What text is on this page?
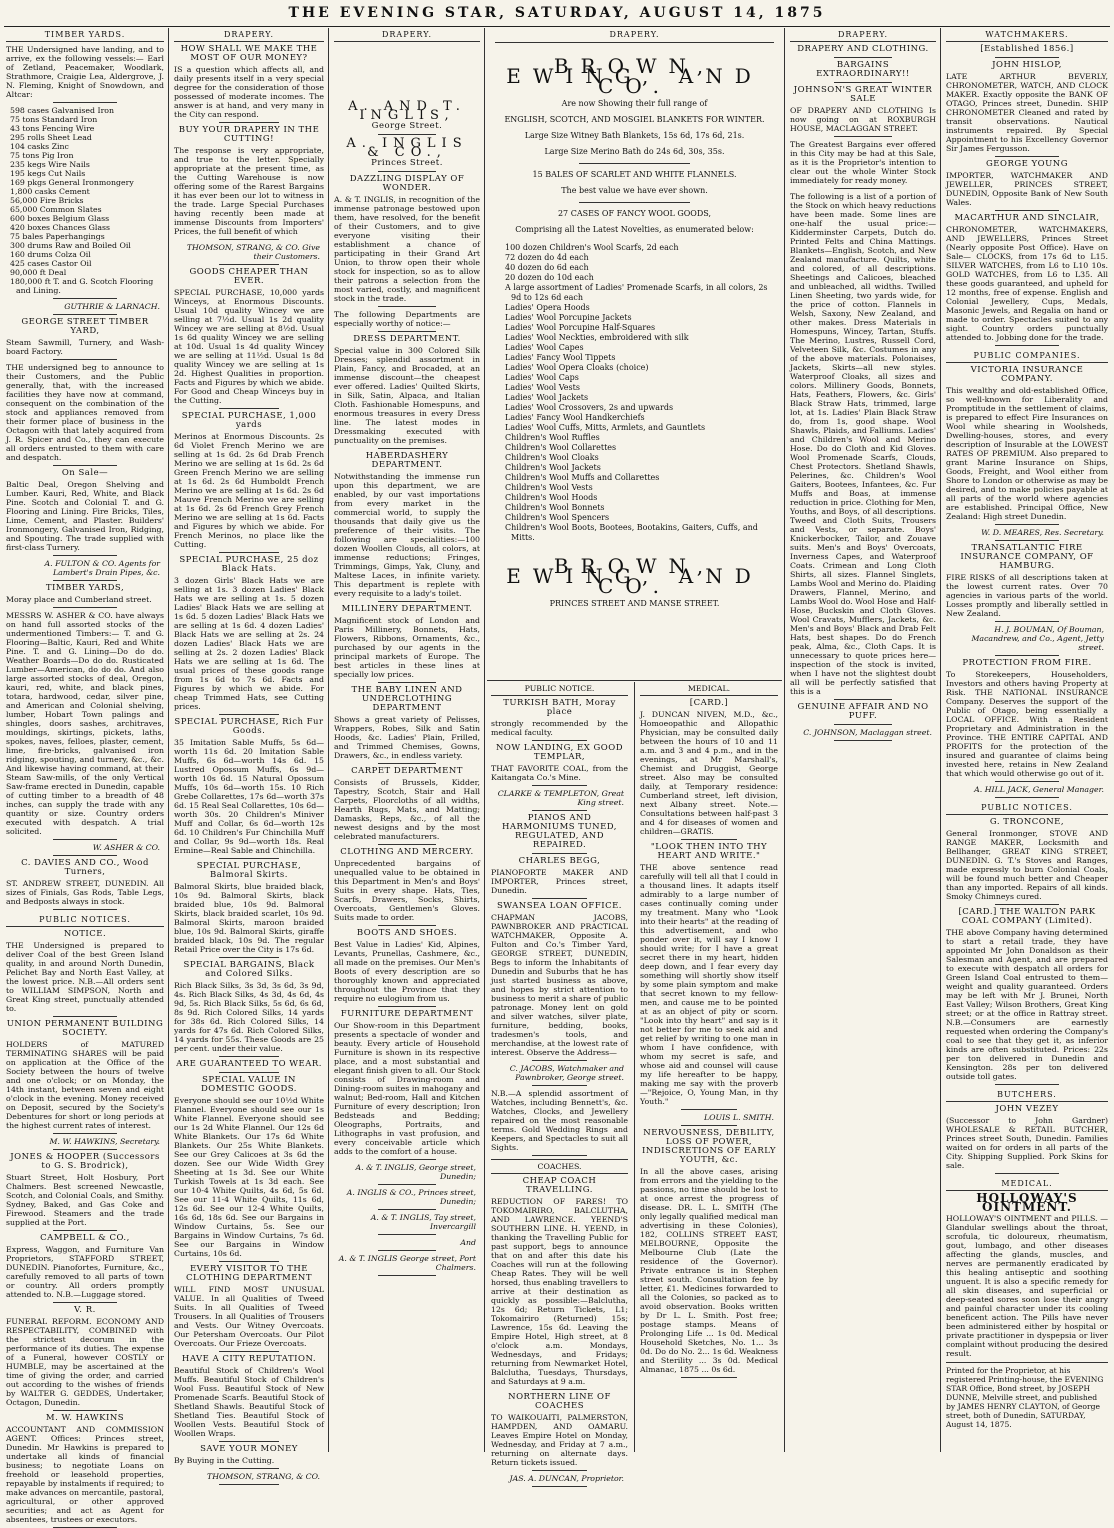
THE EVENING STAR, SATURDAY, AUGUST 14, 1875
TIMBER YARDS.

THE Undersigned have landing, and to arrive, ex the following vessels:— Earl of Zetland, Peacemaker, Woodlark, Strathmore, Craigie Lea, Aldergrove, J. N. Fleming, Knight of Snowdown, and Altcar:

598 cases Galvanised Iron
75 tons Standard Iron
43 tons Fencing Wire
295 rolls Sheet Lead
104 casks Zinc
75 tons Pig Iron
235 kegs Wire Nails
195 kegs Cut Nails
169 pkgs General Ironmongery
1,800 casks Cement
56,000 Fire Bricks
65,000 Common Slates
600 boxes Belgium Glass
420 boxes Chances Glass
75 bales Paperhangings
300 drums Raw and Boiled Oil
160 drums Colza Oil
425 cases Castor Oil
90,000 ft Deal
180,000 ft T. and G. Scotch Flooring and Lining.
GUTHRIE & LARNACH.
GEORGE STREET TIMBER YARD,

Steam Sawmill, Turnery, and Wash-board Factory.

THE undersigned beg to announce to their Customers, and the Public generally, that, with the increased facilities they have now at command, consequent on the combination of the stock and appliances removed from their former place of business in the Octagon with that lately acquired from J. R. Spicer and Co., they can execute all orders entrusted to them with care and despatch.

On Sale—

Baltic Deal, Oregon Shelving and Lumber. Kauri, Red, White, and Black Pine. Scotch and Colonial T. and G. Flooring and Lining. Fire Bricks, Tiles, Lime, Cement, and Plaster. Builders' Ironmongery, Galvanised Iron, Ridging, and Spouting. The trade supplied with first-class Turnery.

A. FULTON & CO. Agents for Lambert's Drain Pipes, &c.
TIMBER YARDS,

Moray place and Cumberland street.

MESSRS W. ASHER & CO. have always on hand full assorted stocks of the undermentioned Timbers:— T. and G. Flooring—Baltic, Kauri, Red and White Pine. T. and G. Lining—Do do do. Weather Boards—Do do do. Rusticated Lumber—American, do do do. And also large assorted stocks of deal, Oregon, kauri, red, white, and black pines, totara, hardwood, cedar, silver pine, and American and Colonial shelving, lumber, Hobart Town palings and shingles, doors sashes, architraves, mouldings, skirtings, pickets, laths, spokes, naves, felloes, plaster, cement, lime, fire-bricks, galvanised iron ridging, spouting, and turnery, &c., &c. And likewise having command, at their Steam Saw-mills, of the only Vertical Saw-frame erected in Dunedin, capable of cutting timber to a breadth of 48 inches, can supply the trade with any quantity or size. Country orders executed with despatch. A trial solicited.

W. ASHER & CO.
C. DAVIES AND CO., Wood Turners,

ST. ANDREW STREET, DUNEDIN. All sizes of Finials, Gas Rods, Table Legs, and Bedposts always in stock.

PUBLIC NOTICES.
NOTICE.

THE Undersigned is prepared to deliver Coal of the best Green Island quality, in and around North Dunedin, Pelichet Bay and North East Valley, at the lowest price. N.B.—All orders sent to WILLIAM SIMPSON, North and Great King street, punctually attended to.

UNION PERMANENT BUILDING SOCIETY.

HOLDERS of MATURED TERMINATING SHARES will be paid on application at the Office of the Society between the hours of twelve and one o'clock; or on Monday, the 14th instant, between seven and eight o'clock in the evening. Money received on Deposit, secured by the Society's Debentures for short or long periods at the highest current rates of interest.

M. W. HAWKINS, Secretary.
JONES & HOOPER (Successors to G. S. Brodrick),

Stuart Street, Holt Hosbury, Port Chalmers. Best screened Newcastle, Scotch, and Colonial Coals, and Smithy. Sydney, Baked, and Gas Coke and Firewood. Steamers and the trade supplied at the Port.

CAMPBELL & CO.,

Express, Waggon, and Furniture Van Proprietors, STAFFORD STREET, DUNEDIN. Pianofortes, Furniture, &c., carefully removed to all parts of town or country. All orders promptly attended to. N.B.—Luggage stored.

V. R.

FUNERAL REFORM. ECONOMY AND RESPECTABILITY, COMBINED with the strictest decorum in the performance of its duties. The expense of a Funeral, however COSTLY or HUMBLE, may be ascertained at the time of giving the order, and carried out according to the wishes of friends by WALTER G. GEDDES, Undertaker, Octagon, Dunedin.

M. W. HAWKINS

ACCOUNTANT AND COMMISSION AGENT. Offices: Princes street, Dunedin. Mr Hawkins is prepared to undertake all kinds of financial business; to negotiate Loans on freehold or leasehold properties, repayable by instalments if required; to make advances on mercantile, pastoral, agricultural, or other approved securities; and act as Agent for absentees, trustees or executors.

DRAPERY.
HOW SHALL WE MAKE THE MOST OF OUR MONEY?

IS a question which affects all, and daily presents itself in a very special degree for the consideration of those possessed of moderate incomes. The answer is at hand, and very many in the City can respond.

BUY YOUR DRAPERY IN THE CUTTING!

The response is very appropriate, and true to the letter. Specially appropriate at the present time, as the Cutting Warehouse is now offering some of the Rarest Bargains it has ever been our lot to witness in the trade. Large Special Purchases having recently been made at immense Discounts from Importers' Prices, the full benefit of which

THOMSON, STRANG, & CO. Give their Customers.
GOODS CHEAPER THAN EVER.

SPECIAL PURCHASE, 10,000 yards Winceys, at Enormous Discounts. Usual 10d quality Wincey we are selling at 7½d. Usual 1s 2d quality Wincey we are selling at 8½d. Usual 1s 6d quality Wincey we are selling at 10d. Usual 1s 4d quality Wincey we are selling at 11½d. Usual 1s 8d quality Wincey we are selling at 1s 2d. Highest Qualities in proportion. Facts and Figures by which we abide. For Good and Cheap Winceys buy in the Cutting.

SPECIAL PURCHASE, 1,000 yards

Merinos at Enormous Discounts. 2s 6d Violet French Merino we are selling at 1s 6d. 2s 6d Drab French Merino we are selling at 1s 6d. 2s 6d Green French Merino we are selling at 1s 6d. 2s 6d Humboldt French Merino we are selling at 1s 6d. 2s 6d Mauve French Merino we are selling at 1s 6d. 2s 6d French Grey French Merino we are selling at 1s 6d. Facts and Figures by which we abide. For French Merinos, no place like the Cutting.

SPECIAL PURCHASE, 25 doz Black Hats.

3 dozen Girls' Black Hats we are selling at 1s. 3 dozen Ladies' Black Hats we are selling at 1s. 5 dozen Ladies' Black Hats we are selling at 1s 6d. 5 dozen Ladies' Black Hats we are selling at 1s 6d. 4 dozen Ladies' Black Hats we are selling at 2s. 24 dozen Ladies' Black Hats we are selling at 2s. 2 dozen Ladies' Black Hats we are selling at 1s 6d. The usual prices of these goods range from 1s 6d to 7s 6d. Facts and Figures by which we abide. For cheap Trimmed Hats, see Cutting prices.

SPECIAL PURCHASE, Rich Fur Goods.

35 Imitation Sable Muffs, 5s 6d—worth 11s 6d. 20 Imitation Sable Muffs, 6s 6d—worth 14s 6d. 15 Lustred Opossum Muffs, 6s 9d—worth 10s 6d. 15 Natural Opossum Muffs, 10s 6d—worth 15s. 10 Rich Grebe Collarettes, 17s 6d—worth 37s 6d. 15 Real Seal Collarettes, 10s 6d—worth 30s. 20 Children's Miniver Muff and Collar, 6s 6d—worth 12s 6d. 10 Children's Fur Chinchilla Muff and Collar, 9s 9d—worth 18s. Real Ermine—Real Sable and Chinchilla.

SPECIAL PURCHASE, Balmoral Skirts.

Balmoral Skirts, blue braided black, 10s 9d. Balmoral Skirts, black braided blue, 10s 9d. Balmoral Skirts, black braided scarlet, 10s 9d. Balmoral Skirts, maroon braided blue, 10s 9d. Balmoral Skirts, giraffe braided black, 10s 9d. The regular Retail Price over the City is 17s 6d.

SPECIAL BARGAINS, Black and Colored Silks.

Rich Black Silks, 3s 3d, 3s 6d, 3s 9d, 4s. Rich Black Silks, 4s 3d, 4s 6d, 4s 9d, 5s. Rich Black Silks, 5s 6d, 6s 6d, 8s 9d. Rich Colored Silks, 14 yards for 38s 6d. Rich Colored Silks, 14 yards for 47s 6d. Rich Colored Silks, 14 yards for 55s. These Goods are 25 per cent. under their value.

ARE GUARANTEED TO WEAR.
SPECIAL VALUE IN DOMESTIC GOODS.

Everyone should see our 10½d White Flannel. Everyone should see our 1s White Flannel. Everyone should see our 1s 2d White Flannel. Our 12s 6d White Blankets. Our 17s 6d White Blankets. Our 25s White Blankets. See our Grey Calicoes at 3s 6d the dozen. See our Wide Width Grey Sheeting at 1s 3d. See our White Turkish Towels at 1s 3d each. See our 10-4 White Quilts, 4s 6d, 5s 6d. See our 11-4 White Quilts, 11s 6d, 12s 6d. See our 12-4 White Quilts, 16s 6d, 18s 6d. See our Bargains in Window Curtains, 5s. See our Bargains in Window Curtains, 7s 6d. See our Bargains in Window Curtains, 10s 6d.

EVERY VISITOR TO THE CLOTHING DEPARTMENT

WILL FIND MOST UNUSUAL VALUE. In all Qualities of Tweed Suits. In all Qualities of Tweed Trousers. In all Qualities of Trousers and Vests. Our Witney Overcoats. Our Petersham Overcoats. Our Pilot Overcoats. Our Frieze Overcoats.

HAVE A CITY REPUTATION.

Beautiful Stock of Children's Wool Muffs. Beautiful Stock of Children's Wool Fuss. Beautiful Stock of New Promenade Scarfs. Beautiful Stock of Shetland Shawls. Beautiful Stock of Shetland Ties. Beautiful Stock of Woollen Vests. Beautiful Stock of Woollen Wraps.

SAVE YOUR MONEY

By Buying in the Cutting.

THOMSON, STRANG, & CO.
DRAPERY.
A. AND T. INGLIS,
George Street.
A. INGLIS & CO.,
Princes Street.
DAZZLING DISPLAY OF WONDER.

A. & T. INGLIS, in recognition of the immense patronage bestowed upon them, have resolved, for the benefit of their Customers, and to give everyone visiting their establishment a chance of participating in their Grand Art Union, to throw open their whole stock for inspection, so as to allow their patrons a selection from the most varied, costly, and magnificent stock in the trade.

The following Departments are especially worthy of notice:—

DRESS DEPARTMENT.

Special value in 300 Colored Silk Dresses; splendid assortment in Plain, Fancy, and Brocaded, at an immense discount—the cheapest ever offered. Ladies' Quilted Skirts, in Silk, Satin, Alpaca, and Italian Cloth. Fashionable Homespuns, and enormous treasures in every Dress line. The latest modes in Dressmaking executed with punctuality on the premises.

HABERDASHERY DEPARTMENT.

Notwithstanding the immense run upon this department, we are enabled, by our vast importations from every market in the commercial world, to supply the thousands that daily give us the preference of their visits. The following are specialities:—100 dozen Woollen Clouds, all colors, at immense reductions; Fringes, Trimmings, Gimps, Yak, Cluny, and Maltese Laces, in infinite variety. This department is replete with every requisite to a lady's toilet.

MILLINERY DEPARTMENT.

Magnificent stock of London and Paris Millinery, Bonnets, Hats, Flowers, Ribbons, Ornaments, &c., purchased by our agents in the principal markets of Europe. The best articles in these lines at specially low prices.

THE BABY LINEN AND UNDERCLOTHING DEPARTMENT

Shows a great variety of Pelisses, Wrappers, Robes, Silk and Satin Hoods, &c. Ladies' Plain, Frilled, and Trimmed Chemises, Gowns, Drawers, &c., in endless variety.

CARPET DEPARTMENT

Consists of Brussels, Kidder, Tapestry, Scotch, Stair and Hall Carpets, Floorcloths of all widths, Hearth Rugs, Mats, and Matting; Damasks, Reps, &c., of all the newest designs and by the most celebrated manufacturers.

CLOTHING AND MERCERY.

Unprecedented bargains of unequalled value to be obtained in this Department in Men's and Boys' Suits in every shape. Hats, Ties, Scarfs, Drawers, Socks, Shirts, Overcoats, Gentlemen's Gloves. Suits made to order.

BOOTS AND SHOES.

Best Value in Ladies' Kid, Alpines, Levants, Prunellas, Cashmere, &c., all made on the premises. Our Men's Boots of every description are so thoroughly known and appreciated throughout the Province that they require no eulogium from us.

FURNITURE DEPARTMENT

Our Show-room in this Department presents a spectacle of wonder and beauty. Every article of Household Furniture is shown in its respective place, and a most substantial and elegant finish given to all. Our Stock consists of Drawing-room and Dining-room suites in mahogany and walnut; Bed-room, Hall and Kitchen Furniture of every description; Iron Bedsteads and Bedding; Oleographs, Portraits, and Lithographs in vast profusion, and every conceivable article which adds to the comfort of a house.

A. & T. INGLIS, George street, Dunedin;
A. INGLIS & CO., Princes street, Dunedin;
A. & T. INGLIS, Tay street, Invercargill
And
A. & T. INGLIS George street, Port Chalmers.
DRAPERY.
BROWN, EWING, AND CO.
Are now Showing their full range of
ENGLISH, SCOTCH, AND MOSGIEL BLANKETS FOR WINTER.
Large Size Witney Bath Blankets, 15s 6d, 17s 6d, 21s.
Large Size Merino Bath do 24s 6d, 30s, 35s.
15 BALES OF SCARLET AND WHITE FLANNELS.
The best value we have ever shown.
27 CASES OF FANCY WOOL GOODS,
Comprising all the Latest Novelties, as enumerated below:
100 dozen Children's Wool Scarfs, 2d each
72 dozen do 4d each
40 dozen do 6d each
20 dozen do 10d each
A large assortment of Ladies' Promenade Scarfs, in all colors, 2s 9d to 12s 6d each
Ladies' Opera Hoods
Ladies' Wool Porcupine Jackets
Ladies' Wool Porcupine Half-Squares
Ladies' Wool Neckties, embroidered with silk
Ladies' Wool Capes
Ladies' Fancy Wool Tippets
Ladies' Wool Opera Cloaks (choice)
Ladies' Wool Caps
Ladies' Wool Vests
Ladies' Wool Jackets
Ladies' Wool Crossovers, 2s and upwards
Ladies' Fancy Wool Handkerchiefs
Ladies' Wool Cuffs, Mitts, Armlets, and Gauntlets
Children's Wool Ruffles
Children's Wool Collarettes
Children's Wool Cloaks
Children's Wool Jackets
Children's Wool Muffs and Collarettes
Children's Wool Vests
Children's Wool Hoods
Children's Wool Bonnets
Children's Wool Spencers
Children's Wool Boots, Bootees, Bootakins, Gaiters, Cuffs, and Mitts.
BROWN, EWING, AND CO.
PRINCES STREET AND MANSE STREET.
PUBLIC NOTICE.
TURKISH BATH, Moray place

strongly recommended by the medical faculty.

NOW LANDING, EX GOOD TEMPLAR,

THAT FAVORITE COAL, from the Kaitangata Co.'s Mine.

CLARKE & TEMPLETON, Great King street.
PIANOS AND HARMONIUMS TUNED, REGULATED, AND REPAIRED.
CHARLES BEGG,

PIANOFORTE MAKER AND IMPORTER, Princes street, Dunedin.

SWANSEA LOAN OFFICE.

CHAPMAN JACOBS, PAWNBROKER AND PRACTICAL WATCHMAKER, Opposite A. Fulton and Co.'s Timber Yard, GEORGE STREET, DUNEDIN, Begs to inform the Inhabitants of Dunedin and Suburbs that he has just started business as above, and hopes by strict attention to business to merit a share of public patronage. Money lent on gold and silver watches, silver plate, furniture, bedding, books, tradesmen's tools, and merchandise, at the lowest rate of interest. Observe the Address—

C. JACOBS, Watchmaker and Pawnbroker, George street.

N.B.—A splendid assortment of Watches, including Bennett's, &c. Watches, Clocks, and Jewellery repaired on the most reasonable terms. Gold Wedding Rings and Keepers, and Spectacles to suit all Sights.

COACHES.
CHEAP COACH TRAVELLING.

REDUCTION OF FARES! TO TOKOMAIRIRO, BALCLUTHA, AND LAWRENCE. YEEND'S SOUTHERN LINE. H. YEEND, in thanking the Travelling Public for past support, begs to announce that on and after this date his Coaches will run at the following Cheap Rates. They will be well horsed, thus enabling travellers to arrive at their destination as quickly as possible:—Balclutha, 12s 6d; Return Tickets, L1; Tokomairiro (Returned) 15s; Lawrence, 15s 6d. Leaving the Empire Hotel, High street, at 8 o'clock a.m. Mondays, Wednesdays, and Fridays; returning from Newmarket Hotel, Balclutha, Tuesdays, Thursdays, and Saturdays at 9 a.m.

NORTHERN LINE OF COACHES

TO WAIKOUAITI, PALMERSTON, HAMPDEN, AND OAMARU. Leaves Empire Hotel on Monday, Wednesday, and Friday at 7 a.m., returning on alternate days. Return tickets issued.

JAS. A. DUNCAN, Proprietor.
MEDICAL.
[CARD.]

J. DUNCAN NIVEN, M.D., &c., Homoeopathic and Allopathic Physician, may be consulted daily between the hours of 10 and 11 a.m. and 3 and 4 p.m., and in the evenings, at Mr Marshall's, Chemist and Druggist, George street. Also may be consulted daily, at Temporary residence: Cumberland street, left division, next Albany street. Note.—Consultations between half-past 3 and 4 for diseases of women and children—GRATIS.

"LOOK THEN INTO THY HEART AND WRITE."

THE above sentence read carefully will tell all that I could in a thousand lines. It adapts itself admirably to a large number of cases continually coming under my treatment. Many who "Look into their hearts" at the reading of this advertisement, and who ponder over it, will say I know I should write; for I have a great secret there in my heart, hidden deep down, and I fear every day something will shortly show itself by some plain symptom and make that secret known to my fellow-men, and cause me to be pointed at as an object of pity or scorn. "Look into thy heart" and say is it not better for me to seek aid and get relief by writing to one man in whom I have confidence, with whom my secret is safe, and whose aid and counsel will cause my life hereafter to be happy, making me say with the proverb—"Rejoice, O, Young Man, in thy Youth."

LOUIS L. SMITH.
NERVOUSNESS, DEBILITY, LOSS OF POWER, INDISCRETIONS OF EARLY YOUTH, &c.

In all the above cases, arising from errors and the yielding to the passions, no time should be lost to at once arrest the progress of disease. DR. L. L. SMITH (The only legally qualified medical man advertising in these Colonies), 182, COLLINS STREET EAST, MELBOURNE, Opposite the Melbourne Club (Late the residence of the Governor). Private entrance is in Stephen street south. Consultation fee by letter, £1. Medicines forwarded to all the Colonies, so packed as to avoid observation. Books written by Dr L. L. Smith. Post free; postage stamps. Means of Prolonging Life ... 1s 0d. Medical Household Sketches, No. 1... 3s 0d. Do do No. 2... 1s 6d. Weakness and Sterility ... 3s 0d. Medical Almanac, 1875 ... 0s 6d.

DRAPERY.
DRAPERY AND CLOTHING.
BARGAINS EXTRAORDINARY!!
JOHNSON'S GREAT WINTER SALE

OF DRAPERY AND CLOTHING Is now going on at ROXBURGH HOUSE, MACLAGGAN STREET.

The Greatest Bargains ever offered in this City may be had at this Sale, as it is the Proprietor's intention to clear out the whole Winter Stock immediately for ready money.

The following is a list of a portion of the Stock on which heavy reductions have been made. Some lines are one-half the usual price:— Kidderminster Carpets, Dutch do. Printed Felts and China Mattings. Blankets—English, Scotch, and New Zealand manufacture. Quilts, white and colored, of all descriptions. Sheetings and Calicoes, bleached and unbleached, all widths. Twilled Linen Sheeting, two yards wide, for the price of cotton. Flannels in Welsh, Saxony, New Zealand, and other makes. Dress Materials in Homespuns, Wincey, Tartan, Stuffs. The Merino, Lustres, Russell Cord, Velveteen Silk, &c. Costumes in any of the above materials. Polonaises, Jackets, Skirts—all new styles. Waterproof Cloaks, all sizes and colors. Millinery Goods, Bonnets, Hats, Feathers, Flowers, &c. Girls' Black Straw Hats, trimmed, large lot, at 1s. Ladies' Plain Black Straw do, from 1s, good shape. Wool Shawls, Plaids, and Falliums. Ladies' and Children's Wool and Merino Hose. Do do Cloth and Kid Gloves. Wool Promenade Scarfs, Clouds, Chest Protectors. Shetland Shawls, Pelerines, &c. Children's Wool Gaiters, Bootees, Infantees, &c. Fur Muffs and Boas, at immense reduction in price. Clothing for Men, Youths, and Boys, of all descriptions. Tweed and Cloth Suits, Trousers and Vests, or separate. Boys' Knickerbocker, Tailor, and Zouave suits. Men's and Boys' Overcoats, Inverness Capes, and Waterproof Coats. Crimean and Long Cloth Shirts, all sizes. Flannel Singlets, Lambs Wool and Merino do. Plaiding Drawers, Flannel, Merino, and Lambs Wool do. Wool Hose and Half-Hose, Buckskin and Cloth Gloves. Wool Cravats, Mufflers, Jackets, &c. Men's and Boys' Black and Drab Felt Hats, best shapes. Do do French peak, Alma, &c., Cloth Caps. It is unnecessary to quote prices here—inspection of the stock is invited, when I have not the slightest doubt all will be perfectly satisfied that this is a

GENUINE AFFAIR AND NO PUFF.
C. JOHNSON, Maclaggan street.
WATCHMAKERS.
[Established 1856.]
JOHN HISLOP,

LATE ARTHUR BEVERLY, CHRONOMETER, WATCH, AND CLOCK MAKER. Exactly opposite the BANK OF OTAGO, Princes street, Dunedin. SHIP CHRONOMETER Cleaned and rated by transit observations. Nautical instruments repaired. By Special Appointment to his Excellency Governor Sir James Fergusson.

GEORGE YOUNG

IMPORTER, WATCHMAKER AND JEWELLER, PRINCES STREET, DUNEDIN, Opposite Bank of New South Wales.

MACARTHUR AND SINCLAIR,

CHRONOMETER, WATCHMAKERS, AND JEWELLERS, Princes Street (Nearly opposite Post Office). Have on Sale— CLOCKS, from 17s 6d to L15. SILVER WATCHES, from L6 to L10 10s. GOLD WATCHES, from L6 to L35. All these goods guaranteed, and upheld for 12 months, free of expense. English and Colonial Jewellery, Cups, Medals, Masonic Jewels, and Regalia on hand or made to order. Spectacles suited to any sight. Country orders punctually attended to. Jobbing done for the trade.

PUBLIC COMPANIES.
VICTORIA INSURANCE COMPANY.

This wealthy and old-established Office, so well-known for Liberality and Promptitude in the settlement of claims, is prepared to effect Fire Insurances on Wool while shearing in Woolsheds, Dwelling-houses, stores, and every description of Insurable at the LOWEST RATES OF PREMIUM. Also prepared to grant Marine Insurance on Ships, Goods, Freight, and Wool either from Shore to London or otherwise as may be desired, and to make policies payable at all parts of the world where agencies are established. Principal Office, New Zealand: High street Dunedin.

W. D. MEARES, Res. Secretary.
TRANSATLANTIC FIRE INSURANCE COMPANY, OF HAMBURG.

FIRE RISKS of all descriptions taken at the lowest current rates. Over 70 agencies in various parts of the world. Losses promptly and liberally settled in New Zealand.

H. J. BOUMAN, Of Bouman, Macandrew, and Co., Agent, Jetty street.
PROTECTION FROM FIRE.

To Storekeepers, Householders, Investors and others having Property at Risk. THE NATIONAL INSURANCE Company. Deserves the support of the Public of Otago, being essentially a LOCAL OFFICE. With a Resident Proprietary and Administration in the Province. THE ENTIRE CAPITAL AND PROFITS for the protection of the insured and guarantee of claims being invested here, retains in New Zealand that which would otherwise go out of it.

A. HILL JACK, General Manager.
PUBLIC NOTICES.
G. TRONCONE,

General Ironmonger, STOVE AND RANGE MAKER, Locksmith and Bellhanger, GREAT KING STREET, DUNEDIN. G. T.'s Stoves and Ranges, made expressly to burn Colonial Coals, will be found much better and Cheaper than any imported. Repairs of all kinds. Smoky Chimneys cured.

[CARD.] THE WALTON PARK COAL COMPANY (Limited).

THE above Company having determined to start a retail trade, they have appointed Mr John Donaldson as their Salesman and Agent, and are prepared to execute with despatch all orders for Green Island Coal entrusted to them—weight and quality guaranteed. Orders may be left with Mr J. Brunei, North East Valley; Wilson Brothers, Great King street; or at the office in Rattray street. N.B.—Consumers are earnestly requested when ordering the Company's coal to see that they get it, as inferior kinds are often substituted. Prices: 22s per ton delivered in Dunedin and Kensington. 28s per ton delivered outside toll gates.

BUTCHERS.
JOHN VEZEY

(Successor to John Gardner) WHOLESALE & RETAIL BUTCHER, Princes street South, Dunedin. Families waited on for orders in all parts of the City. Shipping Supplied. Pork Skins for sale.

MEDICAL.
HOLLOWAY'S OINTMENT.

HOLLOWAY'S OINTMENT and PILLS. — Glandular swellings about the throat, scrofula, tic doloureux, rheumatism, gout, lumbago, and other diseases affecting the glands, muscles, and nerves are permanently eradicated by this healing antiseptic and soothing unguent. It is also a specific remedy for all skin diseases, and superficial or deep-seated sores soon lose their angry and painful character under its cooling beneficent action. The Pills have never been administered either by hospital or private practitioner in dyspepsia or liver complaint without producing the desired result.

Printed for the Proprietor, at his registered Printing-house, the EVENING STAR Office, Bond street, by JOSEPH DUNNE, Melville street, and published by JAMES HENRY CLAYTON, of George street, both of Dunedin, SATURDAY, August 14, 1875.
